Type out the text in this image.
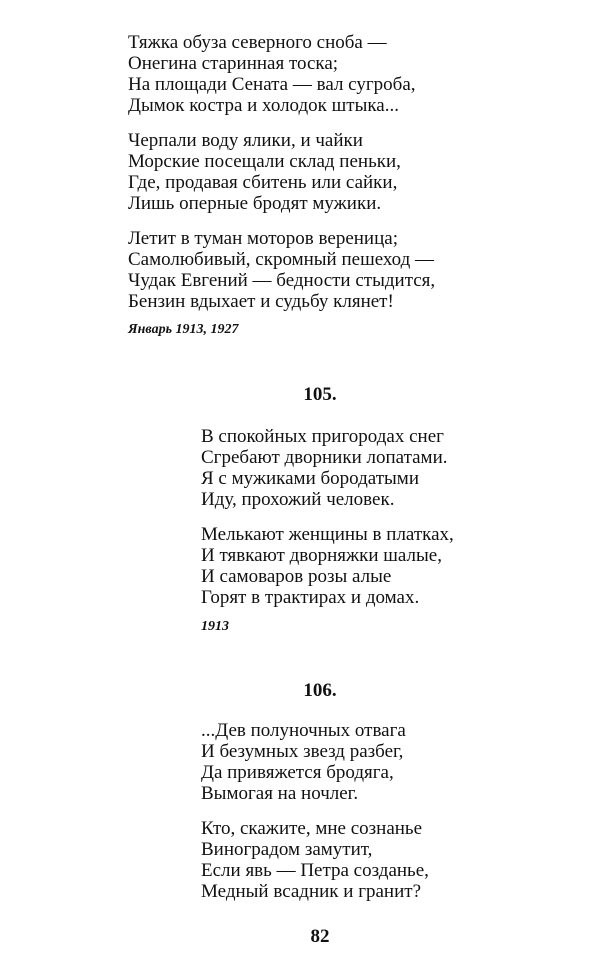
Тяжка обуза северного сноба —
Онегина старинная тоска;
На площади Сената — вал сугроба,
Дымок костра и холодок штыка...
Черпали воду ялики, и чайки
Морские посещали склад пеньки,
Где, продавая сбитень или сайки,
Лишь оперные бродят мужики.
Летит в туман моторов вереница;
Самолюбивый, скромный пешеход —
Чудак Евгений — бедности стыдится,
Бензин вдыхает и судьбу клянет!
Январь 1913, 1927
105.
В спокойных пригородах снег
Сгребают дворники лопатами.
Я с мужиками бородатыми
Иду, прохожий человек.
Мелькают женщины в платках,
И тявкают дворняжки шалые,
И самоваров розы алые
Горят в трактирах и домах.
1913
106.
...Дев полуночных отвага
И безумных звезд разбег,
Да привяжется бродяга,
Вымогая на ночлег.
Кто, скажите, мне сознанье
Виноградом замутит,
Если явь — Петра созданье,
Медный всадник и гранит?
82
